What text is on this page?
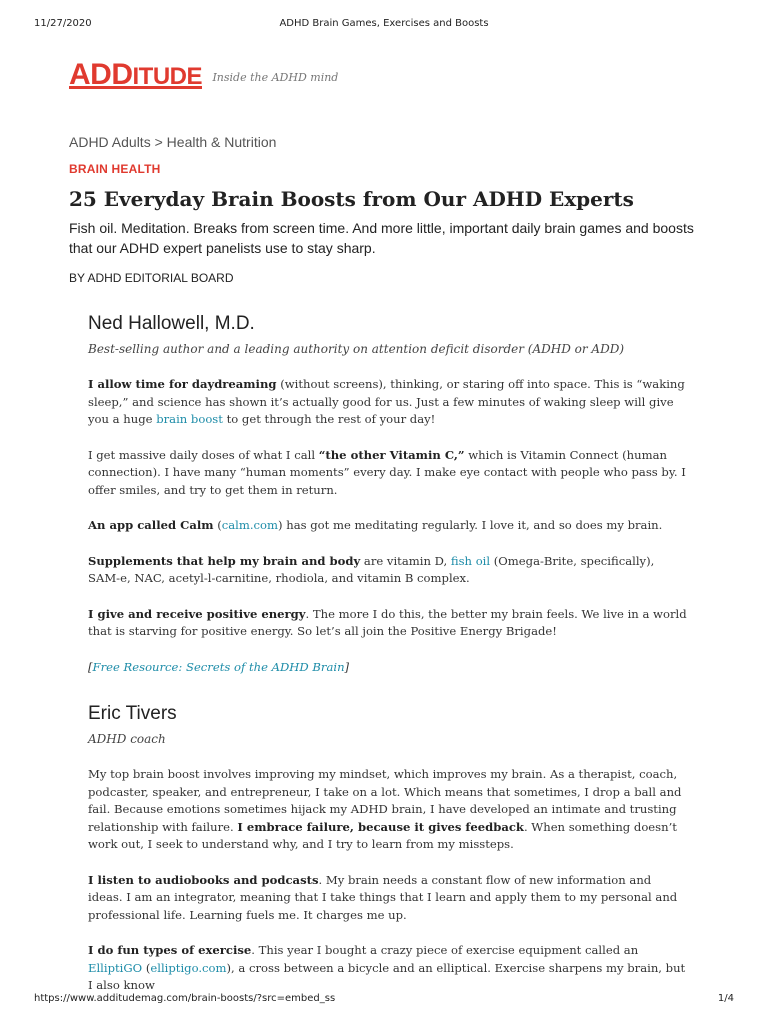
11/27/2020	ADHD Brain Games, Exercises and Boosts
ADDITUDE Inside the ADHD mind
ADHD Adults > Health & Nutrition
BRAIN HEALTH
25 Everyday Brain Boosts from Our ADHD Experts

Fish oil. Meditation. Breaks from screen time. And more little, important daily brain games and boosts that our ADHD expert panelists use to stay sharp.

BY ADHD EDITORIAL BOARD
Ned Hallowell, M.D.

Best-selling author and a leading authority on attention deficit disorder (ADHD or ADD)

I allow time for daydreaming (without screens), thinking, or staring off into space. This is “waking sleep,” and science has shown it’s actually good for us. Just a few minutes of waking sleep will give you a huge brain boost to get through the rest of your day!

I get massive daily doses of what I call “the other Vitamin C,” which is Vitamin Connect (human connection). I have many “human moments” every day. I make eye contact with people who pass by. I offer smiles, and try to get them in return.

An app called Calm (calm.com) has got me meditating regularly. I love it, and so does my brain.

Supplements that help my brain and body are vitamin D, fish oil (Omega-Brite, specifically), SAM-e, NAC, acetyl-l-carnitine, rhodiola, and vitamin B complex.

I give and receive positive energy. The more I do this, the better my brain feels. We live in a world that is starving for positive energy. So let’s all join the Positive Energy Brigade!

[Free Resource: Secrets of the ADHD Brain]

Eric Tivers

ADHD coach

My top brain boost involves improving my mindset, which improves my brain. As a therapist, coach, podcaster, speaker, and entrepreneur, I take on a lot. Which means that sometimes, I drop a ball and fail. Because emotions sometimes hijack my ADHD brain, I have developed an intimate and trusting relationship with failure. I embrace failure, because it gives feedback. When something doesn’t work out, I seek to understand why, and I try to learn from my missteps.

I listen to audiobooks and podcasts. My brain needs a constant flow of new information and ideas. I am an integrator, meaning that I take things that I learn and apply them to my personal and professional life. Learning fuels me. It charges me up.

I do fun types of exercise. This year I bought a crazy piece of exercise equipment called an ElliptiGO (elliptigo.com), a cross between a bicycle and an elliptical. Exercise sharpens my brain, but I also know

https://www.additudemag.com/brain-boosts/?src=embed_ss	1/4
